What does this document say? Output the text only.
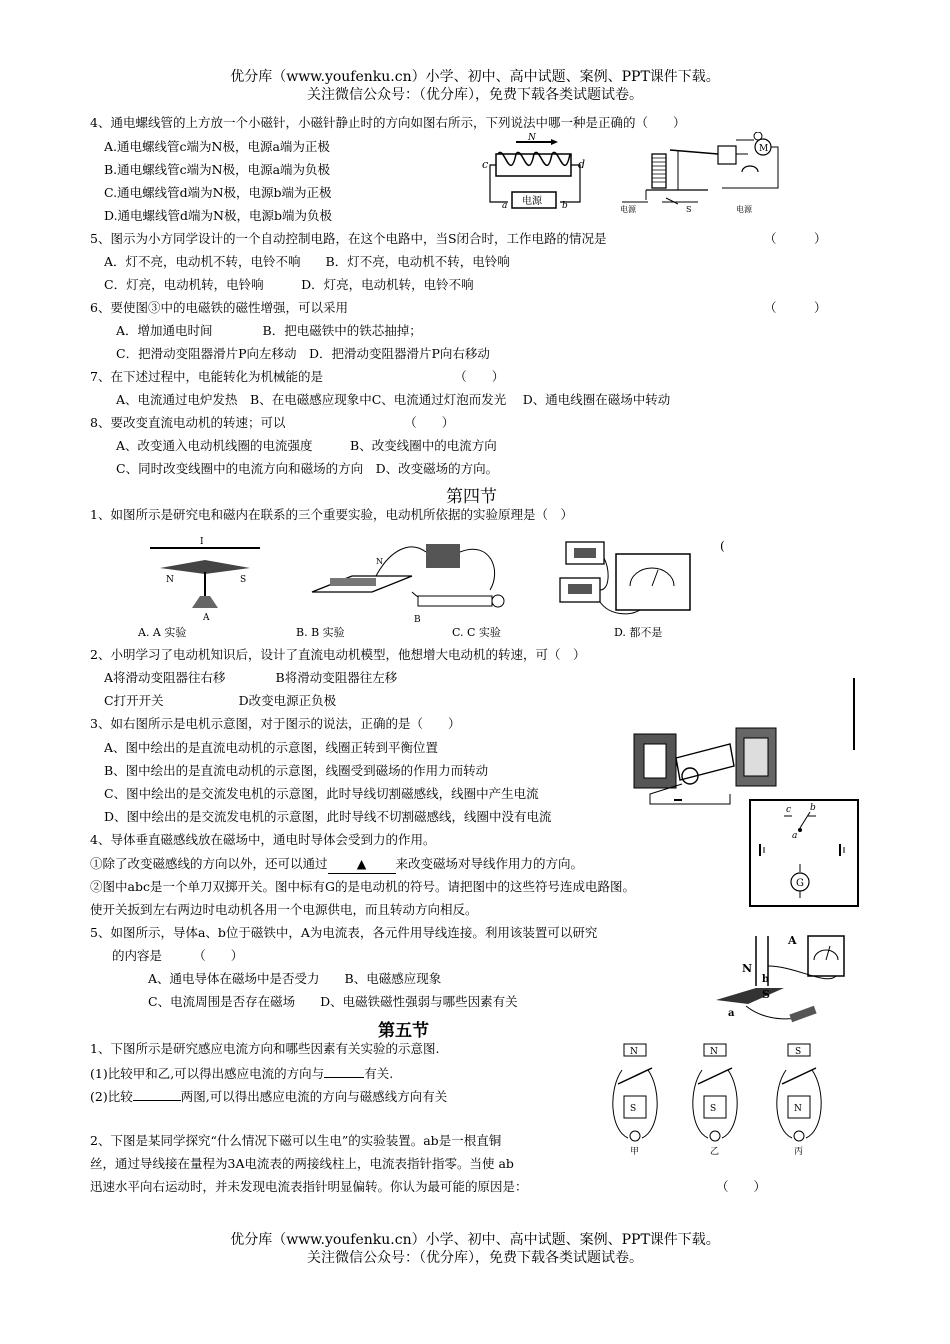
优分库（www.youfenku.cn）小学、初中、高中试题、案例、PPT课件下载。
关注微信公众号：（优分库），免费下载各类试题试卷。
4、通电螺线管的上方放一个小磁针，小磁针静止时的方向如图右所示，下列说法中哪一种是正确的（　　）
A.通电螺线管c端为N极，电源a端为正极
B.通电螺线管c端为N极，电源a端为负极
C.通电螺线管d端为N极，电源b端为正极
D.通电螺线管d端为N极，电源b端为负极
N
c	d
电源
a	b
M
电源	S	电源
5、图示为小方同学设计的一个自动控制电路，在这个电路中，当S闭合时，工作电路的情况是	（　　　）
A．灯不亮，电动机不转，电铃不响　　B．灯不亮，电动机不转，电铃响
C．灯亮，电动机转，电铃响　　　D．灯亮，电动机转，电铃不响
6、要使图③中的电磁铁的磁性增强，可以采用	（　　　）
A．增加通电时间　　　　B．把电磁铁中的铁芯抽掉；
C．把滑动变阻器滑片P向左移动　D．把滑动变阻器滑片P向右移动
7、在下述过程中，电能转化为机械能的是　　　　　　　　　　　（　　）
A、电流通过电炉发热　B、在电磁感应现象中C、电流通过灯泡而发光　 D、通电线圈在磁场中转动
8、要改变直流电动机的转速；可以　　　　　　　　　　（　　）
A、改变通入电动机线圈的电流强度　　　B、改变线圈中的电流方向
C、同时改变线圈中的电流方向和磁场的方向　D、改变磁场的方向。
第四节
1、如图所示是研究电和磁内在联系的三个重要实验，电动机所依据的实验原理是（　）
I
N	S
A
N
B
A. A 实验	B. B 实验	C. C 实验	D. 都不是
(
2、小明学习了电动机知识后，设计了直流电动机模型，他想增大电动机的转速，可（　）
A将滑动变阻器往右移　　　　B将滑动变阻器往左移
C打开开关　　　　　　D改变电源正负极
3、如右图所示是电机示意图，对于图示的说法，正确的是（　　）
A、图中绘出的是直流电动机的示意图，线圈正转到平衡位置
B、图中绘出的是直流电动机的示意图，线圈受到磁场的作用力而转动
C、图中绘出的是交流发电机的示意图，此时导线切割磁感线，线圈中产生电流
D、图中绘出的是交流发电机的示意图，此时导线不切割磁感线，线圈中没有电流
4、导体垂直磁感线放在磁场中，通电时导体会受到力的作用。
①除了改变磁感线的方向以外，还可以通过 ▲ 来改变磁场对导线作用力的方向。
②图中abc是一个单刀双掷开关。图中标有G的是电动机的符号。请把图中的这些符号连成电路图。
使开关扳到左右两边时电动机各用一个电源供电，而且转动方向相反。
c b
a
G
5、如图所示，导体a、b位于磁铁中，A为电流表，各元件用导线连接。利用该装置可以研究
的内容是　　　（　　）
A、通电导体在磁场中是否受力　　B、电磁感应现象
C、电流周围是否存在磁场　　D、电磁铁磁性强弱与哪些因素有关
A
N
b
S
a
第五节
1、下图所示是研究感应电流方向和哪些因素有关实验的示意图.
(1)比较甲和乙,可以得出感应电流的方向与	有关.
(2)比较	两图,可以得出感应电流的方向与磁感线方向有关
N
S
甲
N
S
乙
S
N
丙
2、下图是某同学探究“什么情况下磁可以生电”的实验装置。ab是一根直铜
丝，通过导线接在量程为3A电流表的两接线柱上，电流表指针指零。当使 ab
迅速水平向右运动时，并未发现电流表指针明显偏转。你认为最可能的原因是：	（　　）
优分库（www.youfenku.cn）小学、初中、高中试题、案例、PPT课件下载。
关注微信公众号：（优分库），免费下载各类试题试卷。
